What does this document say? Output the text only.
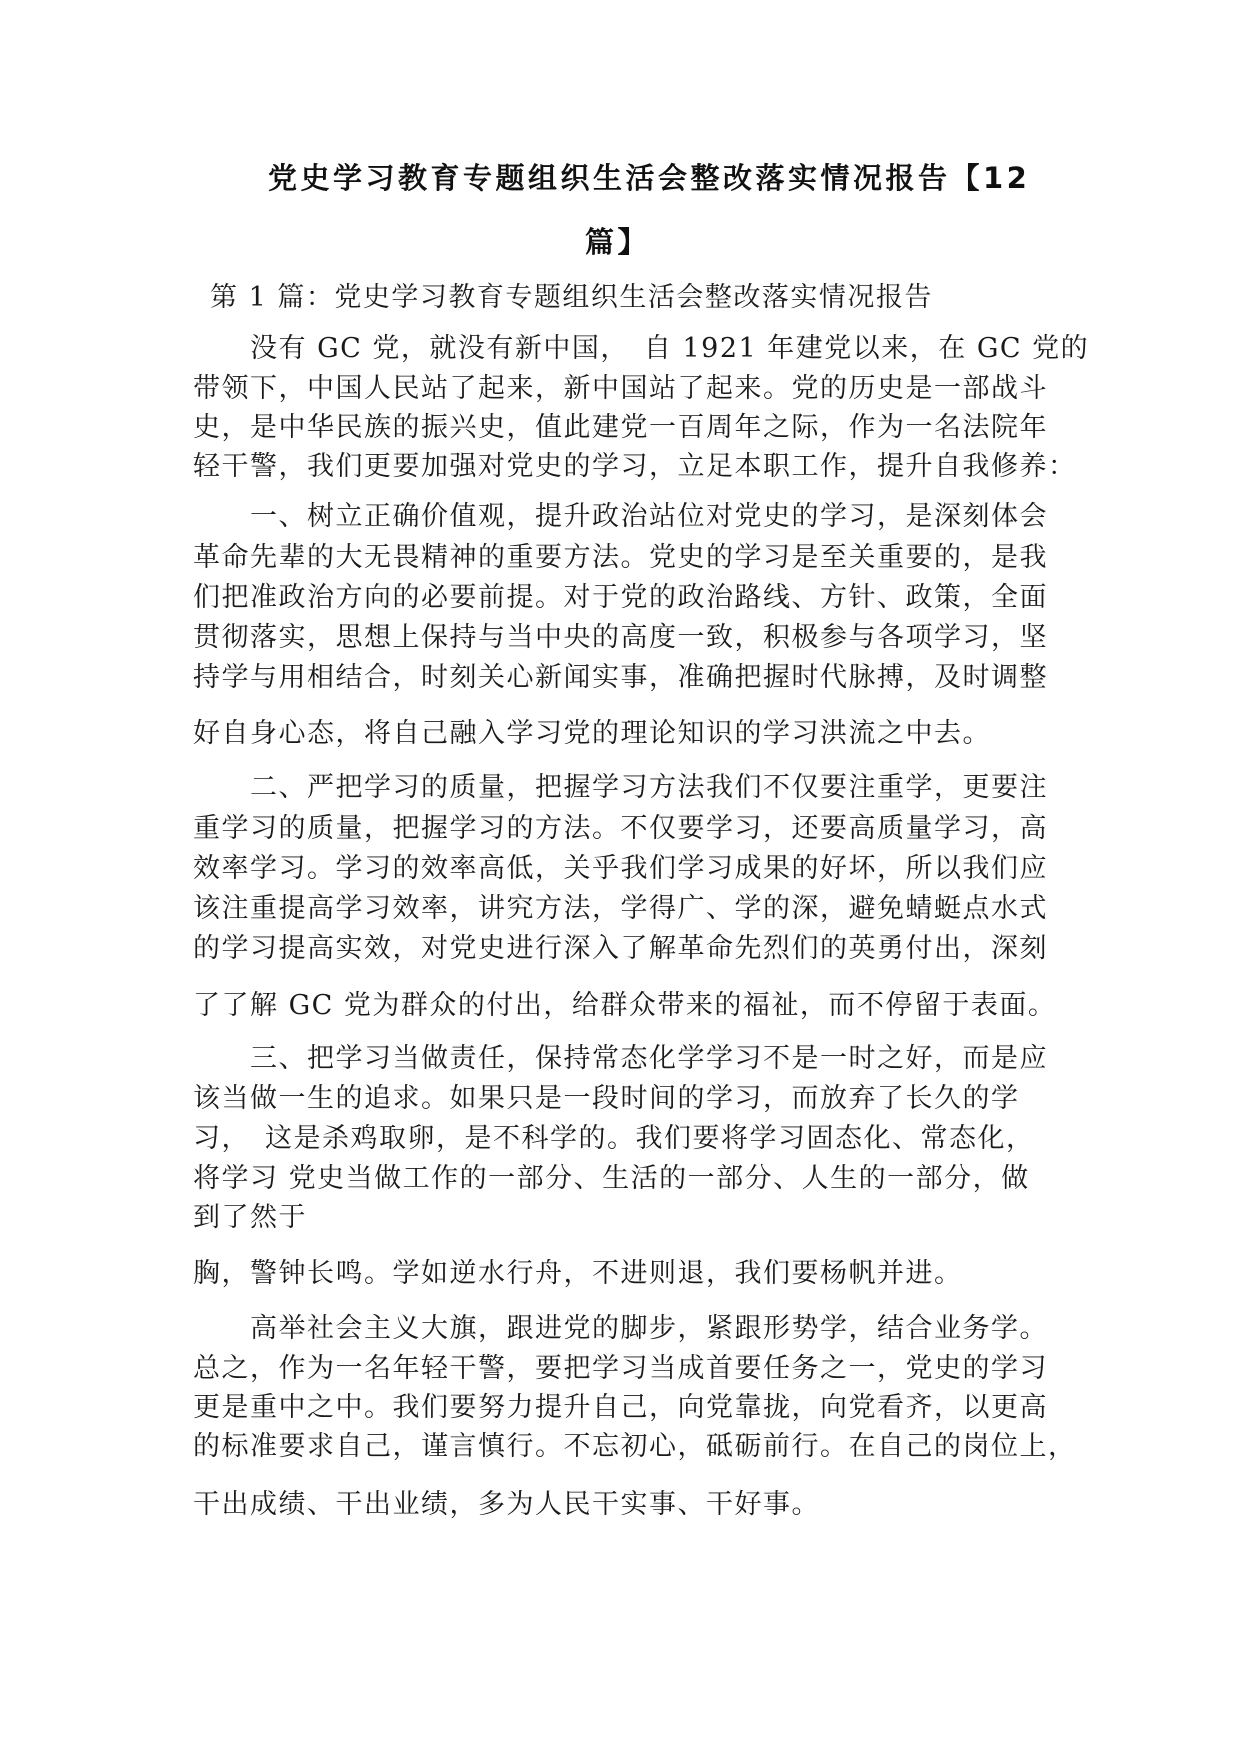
党史学习教育专题组织生活会整改落实情况报告【12
篇】
第 1 篇：党史学习教育专题组织生活会整改落实情况报告
没有 GC 党，就没有新中国，　自 1921 年建党以来，在 GC 党的
带领下，中国人民站了起来，新中国站了起来。党的历史是一部战斗
史，是中华民族的振兴史，值此建党一百周年之际，作为一名法院年
轻干警，我们更要加强对党史的学习，立足本职工作，提升自我修养：
一、树立正确价值观，提升政治站位对党史的学习，是深刻体会
革命先辈的大无畏精神的重要方法。党史的学习是至关重要的，是我
们把准政治方向的必要前提。对于党的政治路线、方针、政策，全面
贯彻落实，思想上保持与当中央的高度一致，积极参与各项学习，坚
持学与用相结合，时刻关心新闻实事，准确把握时代脉搏，及时调整
好自身心态，将自己融入学习党的理论知识的学习洪流之中去。
二、严把学习的质量，把握学习方法我们不仅要注重学，更要注
重学习的质量，把握学习的方法。不仅要学习，还要高质量学习，高
效率学习。学习的效率高低，关乎我们学习成果的好坏，所以我们应
该注重提高学习效率，讲究方法，学得广、学的深，避免蜻蜓点水式
的学习提高实效，对党史进行深入了解革命先烈们的英勇付出，深刻
了了解 GC 党为群众的付出，给群众带来的福祉，而不停留于表面。
三、把学习当做责任，保持常态化学学习不是一时之好，而是应
该当做一生的追求。如果只是一段时间的学习，而放弃了长久的学
习，　这是杀鸡取卵，是不科学的。我们要将学习固态化、常态化，
将学习 党史当做工作的一部分、生活的一部分、人生的一部分，做
到了然于
胸，警钟长鸣。学如逆水行舟，不进则退，我们要杨帆并进。
高举社会主义大旗，跟进党的脚步，紧跟形势学，结合业务学。
总之，作为一名年轻干警，要把学习当成首要任务之一，党史的学习
更是重中之中。我们要努力提升自己，向党靠拢，向党看齐，以更高
的标准要求自己，谨言慎行。不忘初心，砥砺前行。在自己的岗位上，
干出成绩、干出业绩，多为人民干实事、干好事。
